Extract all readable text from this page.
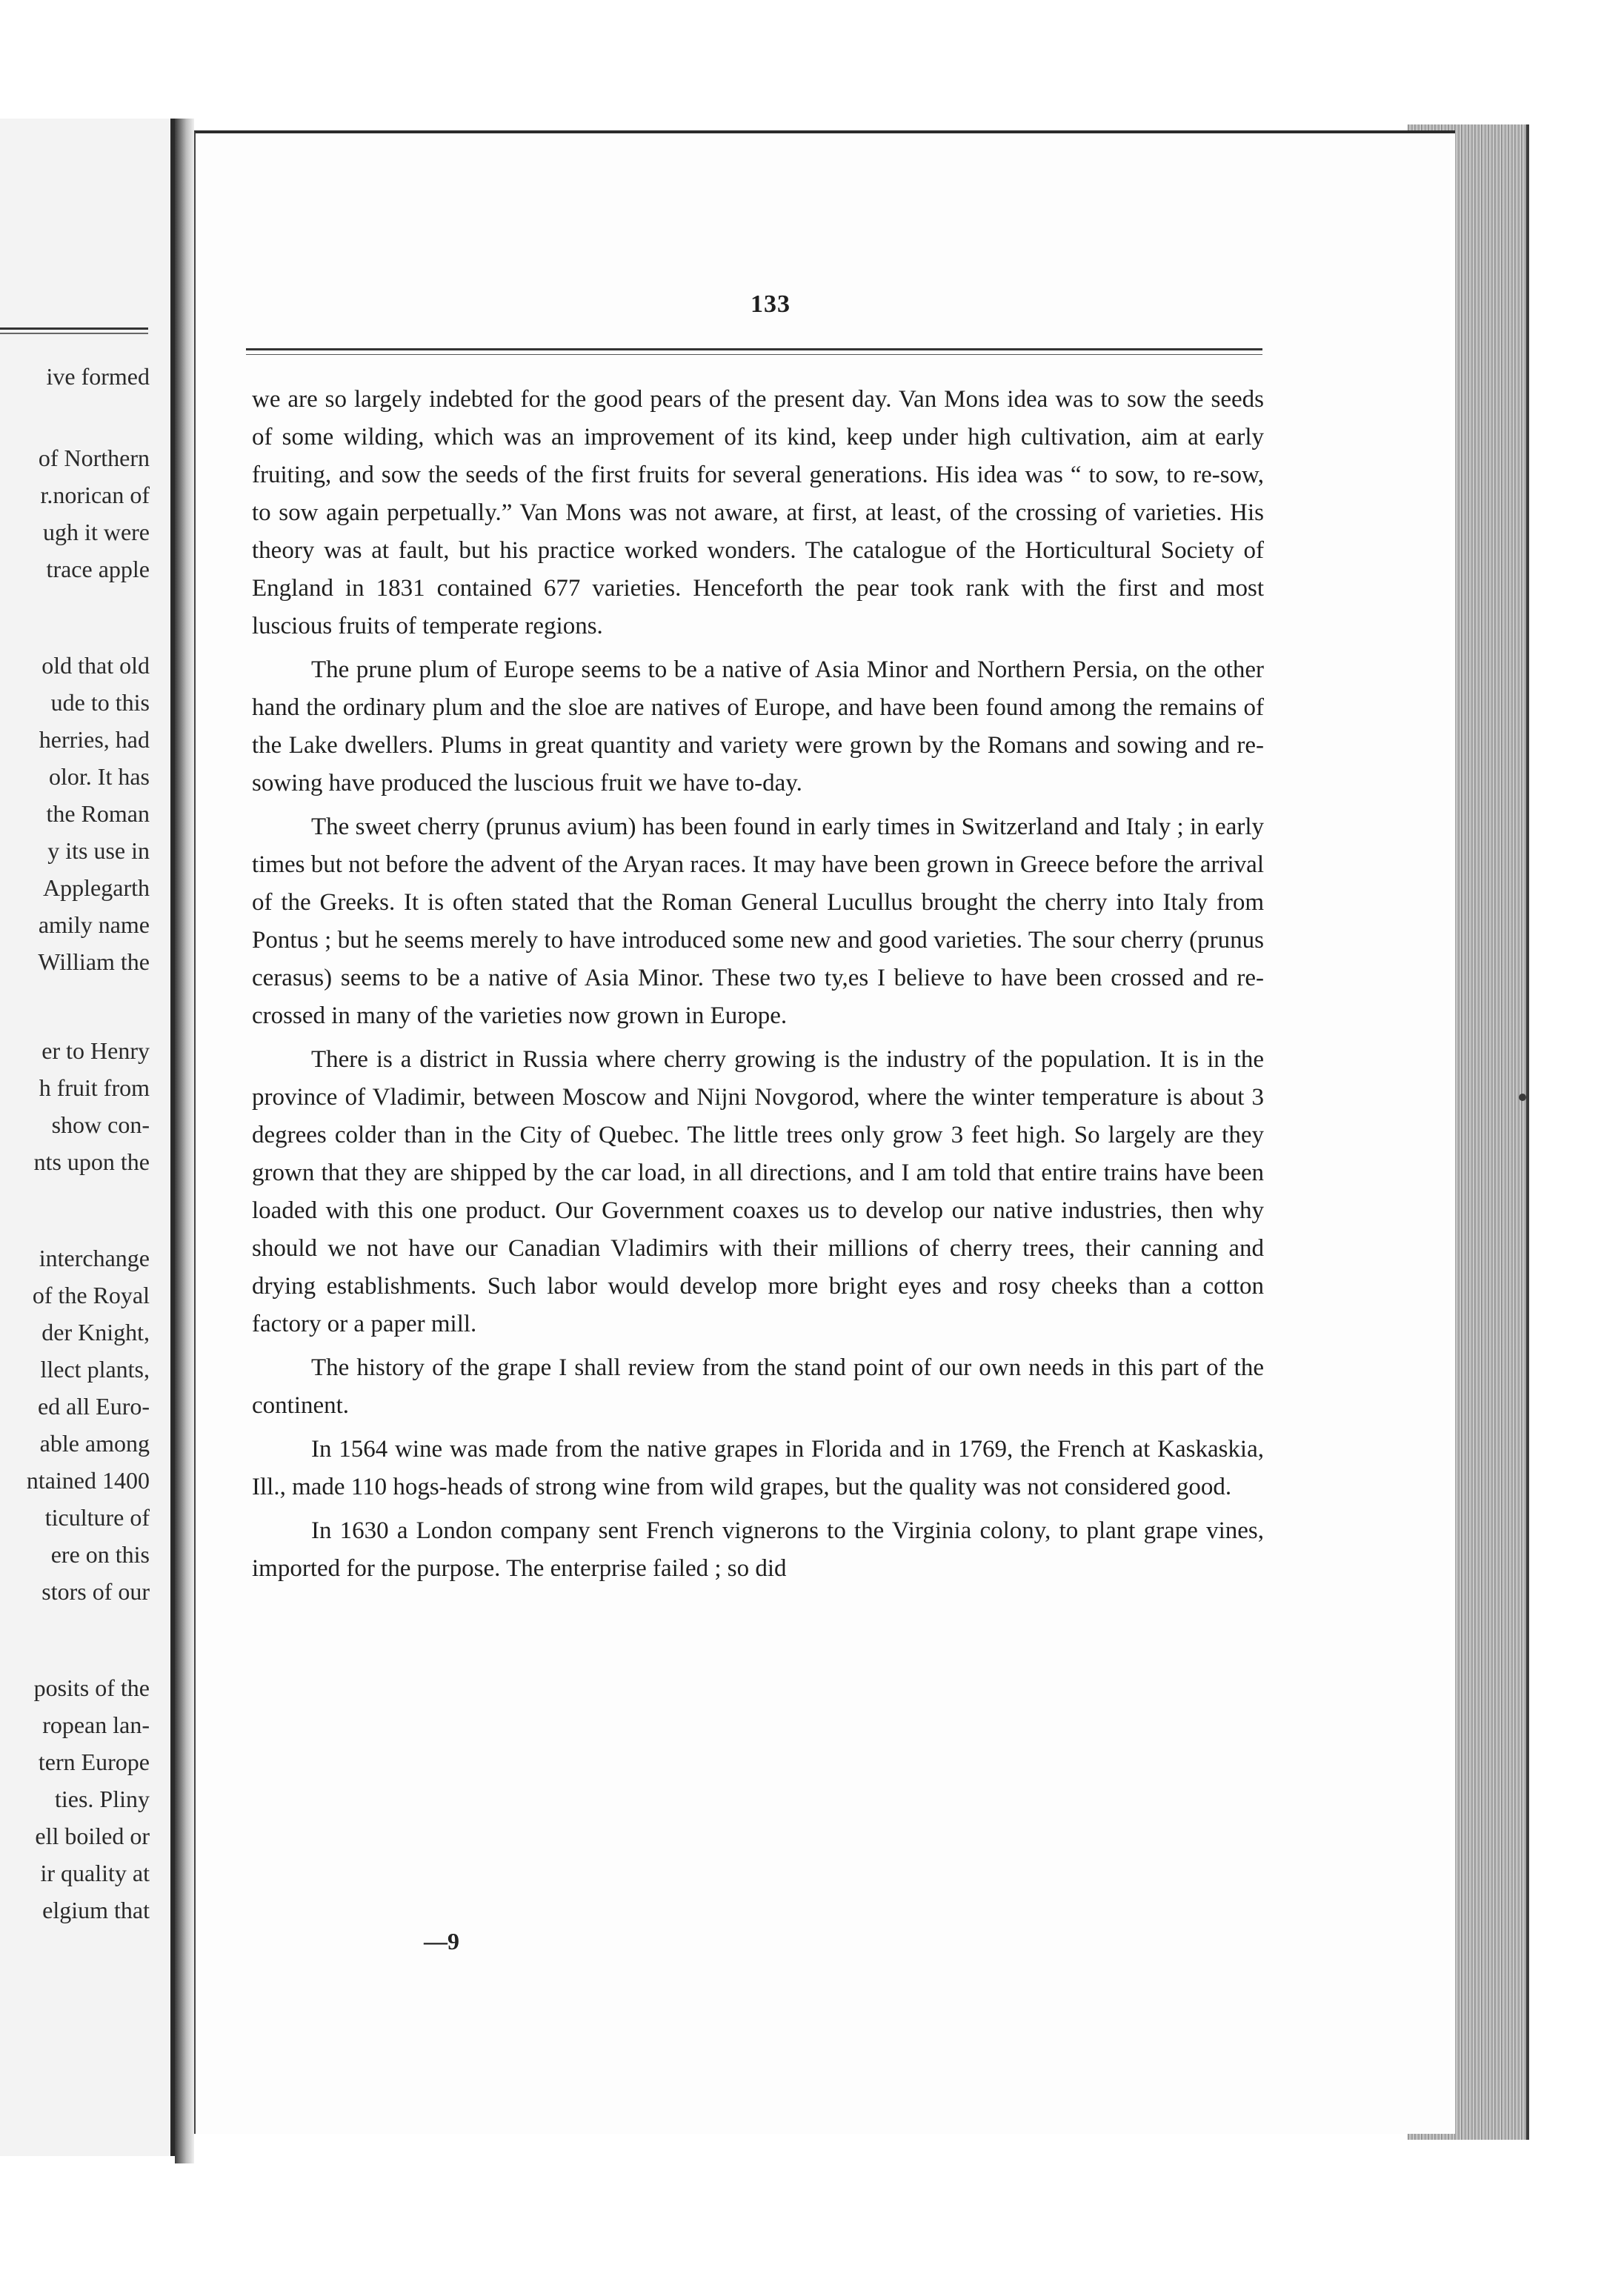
ive formed
of Northern
r.norican of
ugh it were
trace apple
old that old
ude to this
herries, had
olor. It has
the Roman
y its use in
Applegarth
amily name
William the
er to Henry
h fruit from
show con-
nts upon the
interchange
of the Royal
der Knight,
llect plants,
ed all Euro-
able among
ntained 1400
ticulture of
ere on this
stors of our
posits of the
ropean lan-
tern Europe
ties. Pliny
ell boiled or
ir quality at
elgium that
133

we are so largely indebted for the good pears of the present day. Van Mons idea was to sow the seeds of some wilding, which was an improvement of its kind, keep under high cultivation, aim at early fruiting, and sow the seeds of the first fruits for several generations. His idea was “ to sow, to re-sow, to sow again perpetually.” Van Mons was not aware, at first, at least, of the crossing of varieties. His theory was at fault, but his practice worked wonders. The catalogue of the Horticultural Society of England in 1831 contained 677 varieties. Henceforth the pear took rank with the first and most luscious fruits of temperate regions.

The prune plum of Europe seems to be a native of Asia Minor and Northern Persia, on the other hand the ordinary plum and the sloe are natives of Europe, and have been found among the remains of the Lake dwellers. Plums in great quantity and variety were grown by the Romans and sowing and re-sowing have produced the luscious fruit we have to-day.

The sweet cherry (prunus avium) has been found in early times in Switzerland and Italy ; in early times but not before the advent of the Aryan races. It may have been grown in Greece before the arrival of the Greeks. It is often stated that the Roman General Lucullus brought the cherry into Italy from Pontus ; but he seems merely to have introduced some new and good varieties. The sour cherry (prunus cerasus) seems to be a native of Asia Minor. These two ty,es I believe to have been crossed and re-crossed in many of the varieties now grown in Europe.

There is a district in Russia where cherry growing is the industry of the population. It is in the province of Vladimir, between Moscow and Nijni Novgorod, where the winter temperature is about 3 degrees colder than in the City of Quebec. The little trees only grow 3 feet high. So largely are they grown that they are shipped by the car load, in all directions, and I am told that entire trains have been loaded with this one product. Our Government coaxes us to develop our native industries, then why should we not have our Canadian Vladimirs with their millions of cherry trees, their canning and drying establishments. Such labor would develop more bright eyes and rosy cheeks than a cotton factory or a paper mill.

The history of the grape I shall review from the stand point of our own needs in this part of the continent.

In 1564 wine was made from the native grapes in Florida and in 1769, the French at Kaskaskia, Ill., made 110 hogs-heads of strong wine from wild grapes, but the quality was not considered good.

In 1630 a London company sent French vignerons to the Virginia colony, to plant grape vines, imported for the purpose. The enterprise failed ; so did

—9
